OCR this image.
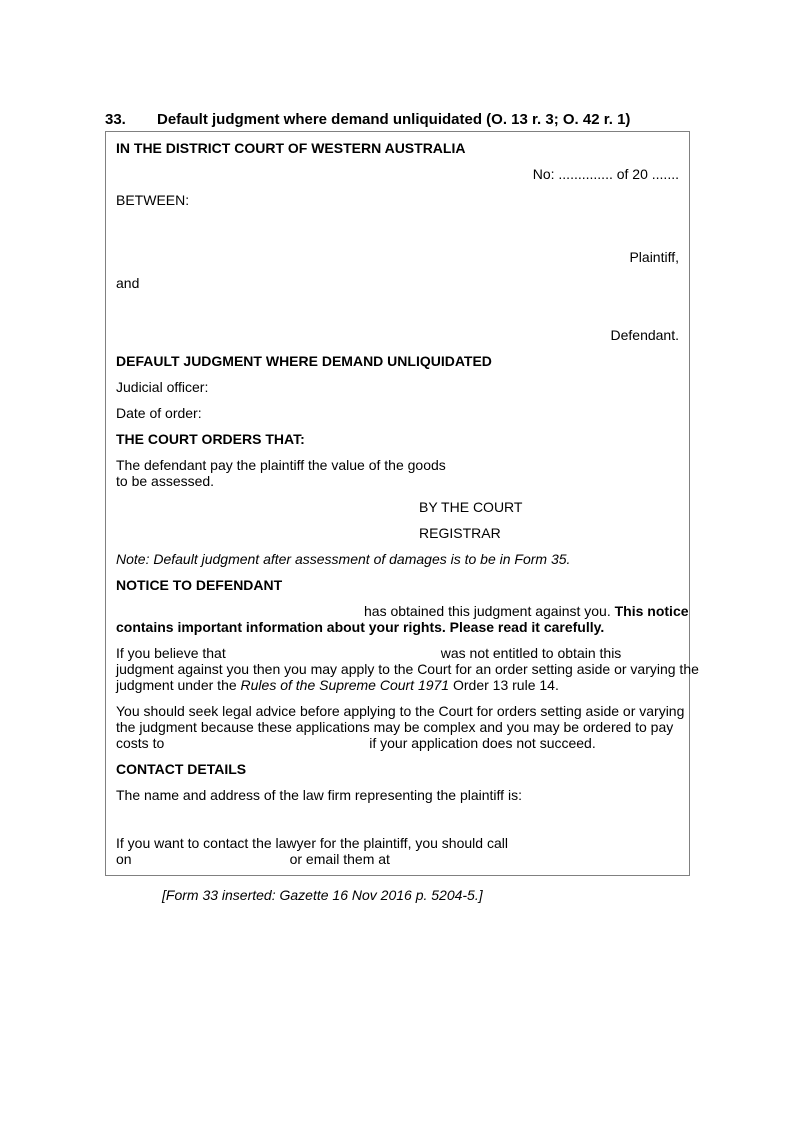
33. Default judgment where demand unliquidated (O. 13 r. 3; O. 42 r. 1)

IN THE DISTRICT COURT OF WESTERN AUSTRALIA

No: .............. of 20 .......

BETWEEN:

Plaintiff,

and

Defendant.

DEFAULT JUDGMENT WHERE DEMAND UNLIQUIDATED

Judicial officer:

Date of order:

THE COURT ORDERS THAT:

The defendant pay the plaintiff the value of the goods
to be assessed.

BY THE COURT

REGISTRAR

Note: Default judgment after assessment of damages is to be in Form 35.

NOTICE TO DEFENDANT

has obtained this judgment against you. This notice
contains important information about your rights. Please read it carefully.

If you believe that	was not entitled to obtain this
judgment against you then you may apply to the Court for an order setting aside or varying the
judgment under the Rules of the Supreme Court 1971 Order 13 rule 14.

You should seek legal advice before applying to the Court for orders setting aside or varying
the judgment because these applications may be complex and you may be ordered to pay
costs to	if your application does not succeed.

CONTACT DETAILS

The name and address of the law firm representing the plaintiff is:

If you want to contact the lawyer for the plaintiff, you should call
on	or email them at

[Form 33 inserted: Gazette 16 Nov 2016 p. 5204-5.]
